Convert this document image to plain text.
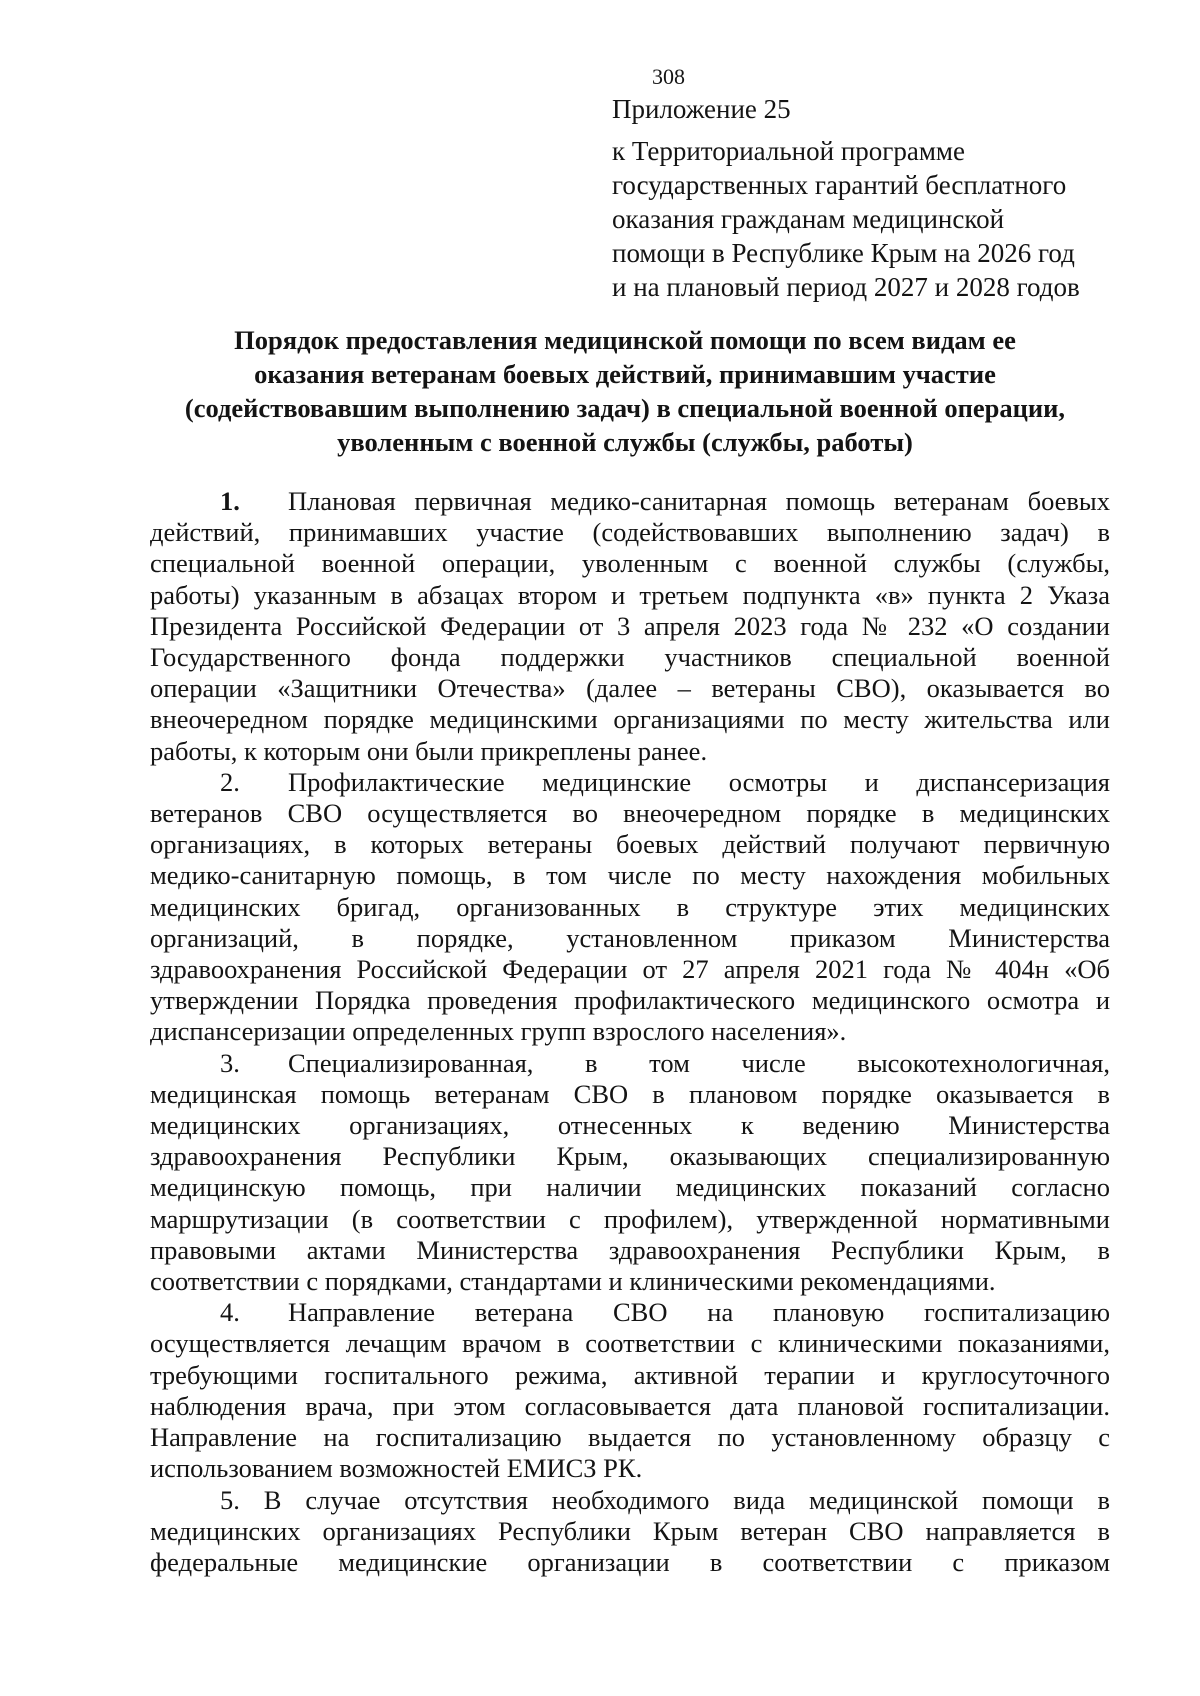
308
Приложение 25
к Территориальной программе
государственных гарантий бесплатного
оказания гражданам медицинской
помощи в Республике Крым на 2026 год
и на плановый период 2027 и 2028 годов
Порядок предоставления медицинской помощи по всем видам ее
оказания ветеранам боевых действий, принимавшим участие
(содействовавшим выполнению задач) в специальной военной операции,
уволенным с военной службы (службы, работы)
1. Плановая первичная медико-санитарная помощь ветеранам боевых
действий, принимавших участие (содействовавших выполнению задач) в
специальной военной операции, уволенным с военной службы (службы,
работы) указанным в абзацах втором и третьем подпункта «в» пункта 2 Указа
Президента Российской Федерации от 3 апреля 2023 года № 232 «О создании
Государственного фонда поддержки участников специальной военной
операции «Защитники Отечества» (далее – ветераны СВО), оказывается во
внеочередном порядке медицинскими организациями по месту жительства или
работы, к которым они были прикреплены ранее.
2. Профилактические медицинские осмотры и диспансеризация
ветеранов СВО осуществляется во внеочередном порядке в медицинских
организациях, в которых ветераны боевых действий получают первичную
медико-санитарную помощь, в том числе по месту нахождения мобильных
медицинских бригад, организованных в структуре этих медицинских
организаций, в порядке, установленном приказом Министерства
здравоохранения Российской Федерации от 27 апреля 2021 года № 404н «Об
утверждении Порядка проведения профилактического медицинского осмотра и
диспансеризации определенных групп взрослого населения».
3. Специализированная, в том числе высокотехнологичная,
медицинская помощь ветеранам СВО в плановом порядке оказывается в
медицинских организациях, отнесенных к ведению Министерства
здравоохранения Республики Крым, оказывающих специализированную
медицинскую помощь, при наличии медицинских показаний согласно
маршрутизации (в соответствии с профилем), утвержденной нормативными
правовыми актами Министерства здравоохранения Республики Крым, в
соответствии с порядками, стандартами и клиническими рекомендациями.
4. Направление ветерана СВО на плановую госпитализацию
осуществляется лечащим врачом в соответствии с клиническими показаниями,
требующими госпитального режима, активной терапии и круглосуточного
наблюдения врача, при этом согласовывается дата плановой госпитализации.
Направление на госпитализацию выдается по установленному образцу с
использованием возможностей ЕМИСЗ РК.
5. В случае отсутствия необходимого вида медицинской помощи в
медицинских организациях Республики Крым ветеран СВО направляется в
федеральные медицинские организации в соответствии с приказом
